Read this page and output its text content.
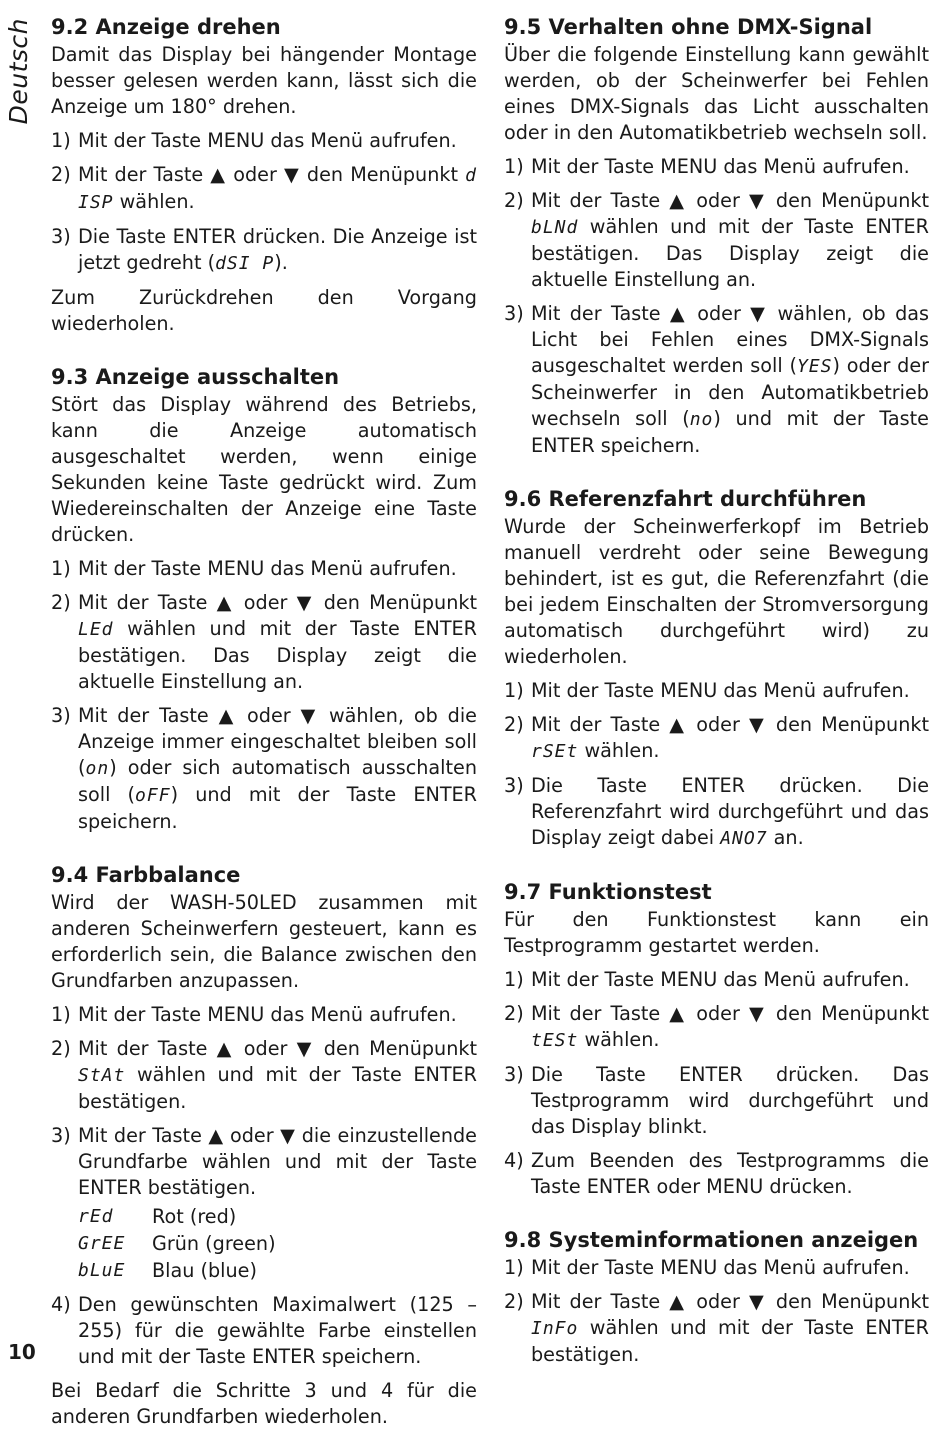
Deutsch
10
9.2 Anzeige drehen

Damit das Display bei hängender Montage besser gelesen werden kann, lässt sich die Anzeige um 180° drehen.

1) Mit der Taste MENU das Menü aufrufen.
2) Mit der Taste ▲ oder ▼ den Menüpunkt d ISP wählen.
3) Die Taste ENTER drücken. Die Anzeige ist jetzt gedreht (dSI P).

Zum Zurückdrehen den Vorgang wiederholen.

9.3 Anzeige ausschalten

Stört das Display während des Betriebs, kann die Anzeige automatisch ausgeschaltet werden, wenn einige Sekunden keine Taste gedrückt wird. Zum Wiedereinschalten der Anzeige eine Taste drücken.

1) Mit der Taste MENU das Menü aufrufen.
2) Mit der Taste ▲ oder ▼ den Menüpunkt LEd wählen und mit der Taste ENTER bestätigen. Das Display zeigt die aktuelle Einstellung an.
3) Mit der Taste ▲ oder ▼ wählen, ob die Anzeige immer eingeschaltet bleiben soll (on) oder sich automatisch ausschalten soll (oFF) und mit der Taste ENTER speichern.
9.4 Farbbalance

Wird der WASH-50LED zusammen mit anderen Scheinwerfern gesteuert, kann es erforderlich sein, die Balance zwischen den Grundfarben anzupassen.

1) Mit der Taste MENU das Menü aufrufen.
2) Mit der Taste ▲ oder ▼ den Menüpunkt StAt wählen und mit der Taste ENTER bestätigen.
3) Mit der Taste ▲ oder ▼ die einzustellende Grundfarbe wählen und mit der Taste ENTER bestätigen.
rEd	Rot (red)
GrEE	Grün (green)
bLuE	Blau (blue)
4) Den gewünschten Maximalwert (125 – 255) für die gewählte Farbe einstellen und mit der Taste ENTER speichern.

Bei Bedarf die Schritte 3 und 4 für die anderen Grundfarben wiederholen.

9.5 Verhalten ohne DMX-Signal

Über die folgende Einstellung kann gewählt werden, ob der Scheinwerfer bei Fehlen eines DMX-Signals das Licht ausschalten oder in den Automatikbetrieb wechseln soll.

1) Mit der Taste MENU das Menü aufrufen.
2) Mit der Taste ▲ oder ▼ den Menüpunkt bLNd wählen und mit der Taste ENTER bestätigen. Das Display zeigt die aktuelle Einstellung an.
3) Mit der Taste ▲ oder ▼ wählen, ob das Licht bei Fehlen eines DMX-Signals ausgeschaltet werden soll (YES) oder der Scheinwerfer in den Automatikbetrieb wechseln soll (no) und mit der Taste ENTER speichern.
9.6 Referenzfahrt durchführen

Wurde der Scheinwerferkopf im Betrieb manuell verdreht oder seine Bewegung behindert, ist es gut, die Referenzfahrt (die bei jedem Einschalten der Stromversorgung automatisch durchgeführt wird) zu wiederholen.

1) Mit der Taste MENU das Menü aufrufen.
2) Mit der Taste ▲ oder ▼ den Menüpunkt rSEt wählen.
3) Die Taste ENTER drücken. Die Referenzfahrt wird durchgeführt und das Display zeigt dabei ANO7 an.
9.7 Funktionstest

Für den Funktionstest kann ein Testprogramm gestartet werden.

1) Mit der Taste MENU das Menü aufrufen.
2) Mit der Taste ▲ oder ▼ den Menüpunkt tESt wählen.
3) Die Taste ENTER drücken. Das Testprogramm wird durchgeführt und das Display blinkt.
4) Zum Beenden des Testprogramms die Taste ENTER oder MENU drücken.
9.8 Systeminformationen anzeigen
1) Mit der Taste MENU das Menü aufrufen.
2) Mit der Taste ▲ oder ▼ den Menüpunkt InFo wählen und mit der Taste ENTER bestätigen.
